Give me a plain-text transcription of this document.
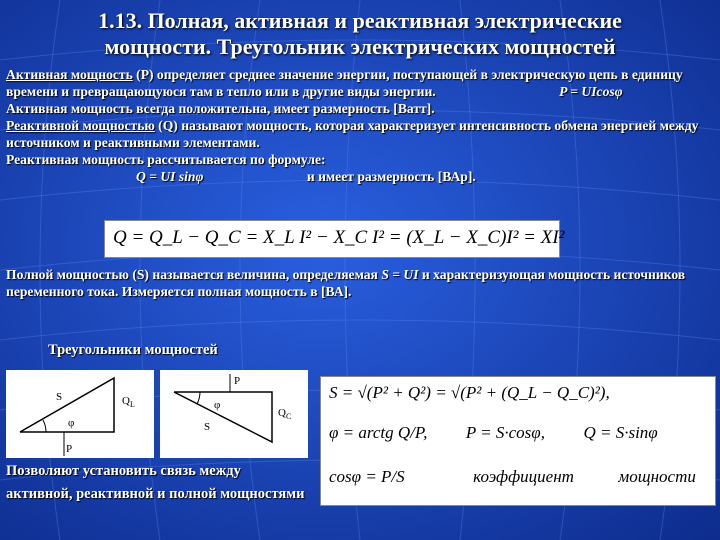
1.13. Полная, активная и реактивная электрические
мощности. Треугольник электрических мощностей
Активная мощность (P) определяет среднее значение энергии, поступающей в электрическую цепь в единицу времени и превращающуюся там в тепло или в другие виды энергии.	P = UIcosφ
Активная мощность всегда положительна, имеет размерность [Ватт].
Реактивной мощностью (Q) называют мощность, которая характеризует интенсивность обмена энергией между источником и реактивными элементами.
Реактивная мощность рассчитывается по формуле:
Q = UI sinφ	и имеет размерность [ВАр].
Q = Q_L − Q_C = X_L I² − X_C I² = (X_L − X_C)I² = XI²
Полной мощностью (S) называется величина, определяемая S = UI и характеризующая мощность источников переменного тока. Измеряется полная мощность в [ВА].
Треугольники мощностей
S
φ
Q L
P
P
φ
S
Q C
Позволяют установить связь между активной, реактивной и полной мощностями
S = √(P² + Q²) = √(P² + (Q_L − Q_C)²),
φ = arctg Q/P, P = S·cosφ, Q = S·sinφ
cosφ = P/S	коэффициент	мощности
